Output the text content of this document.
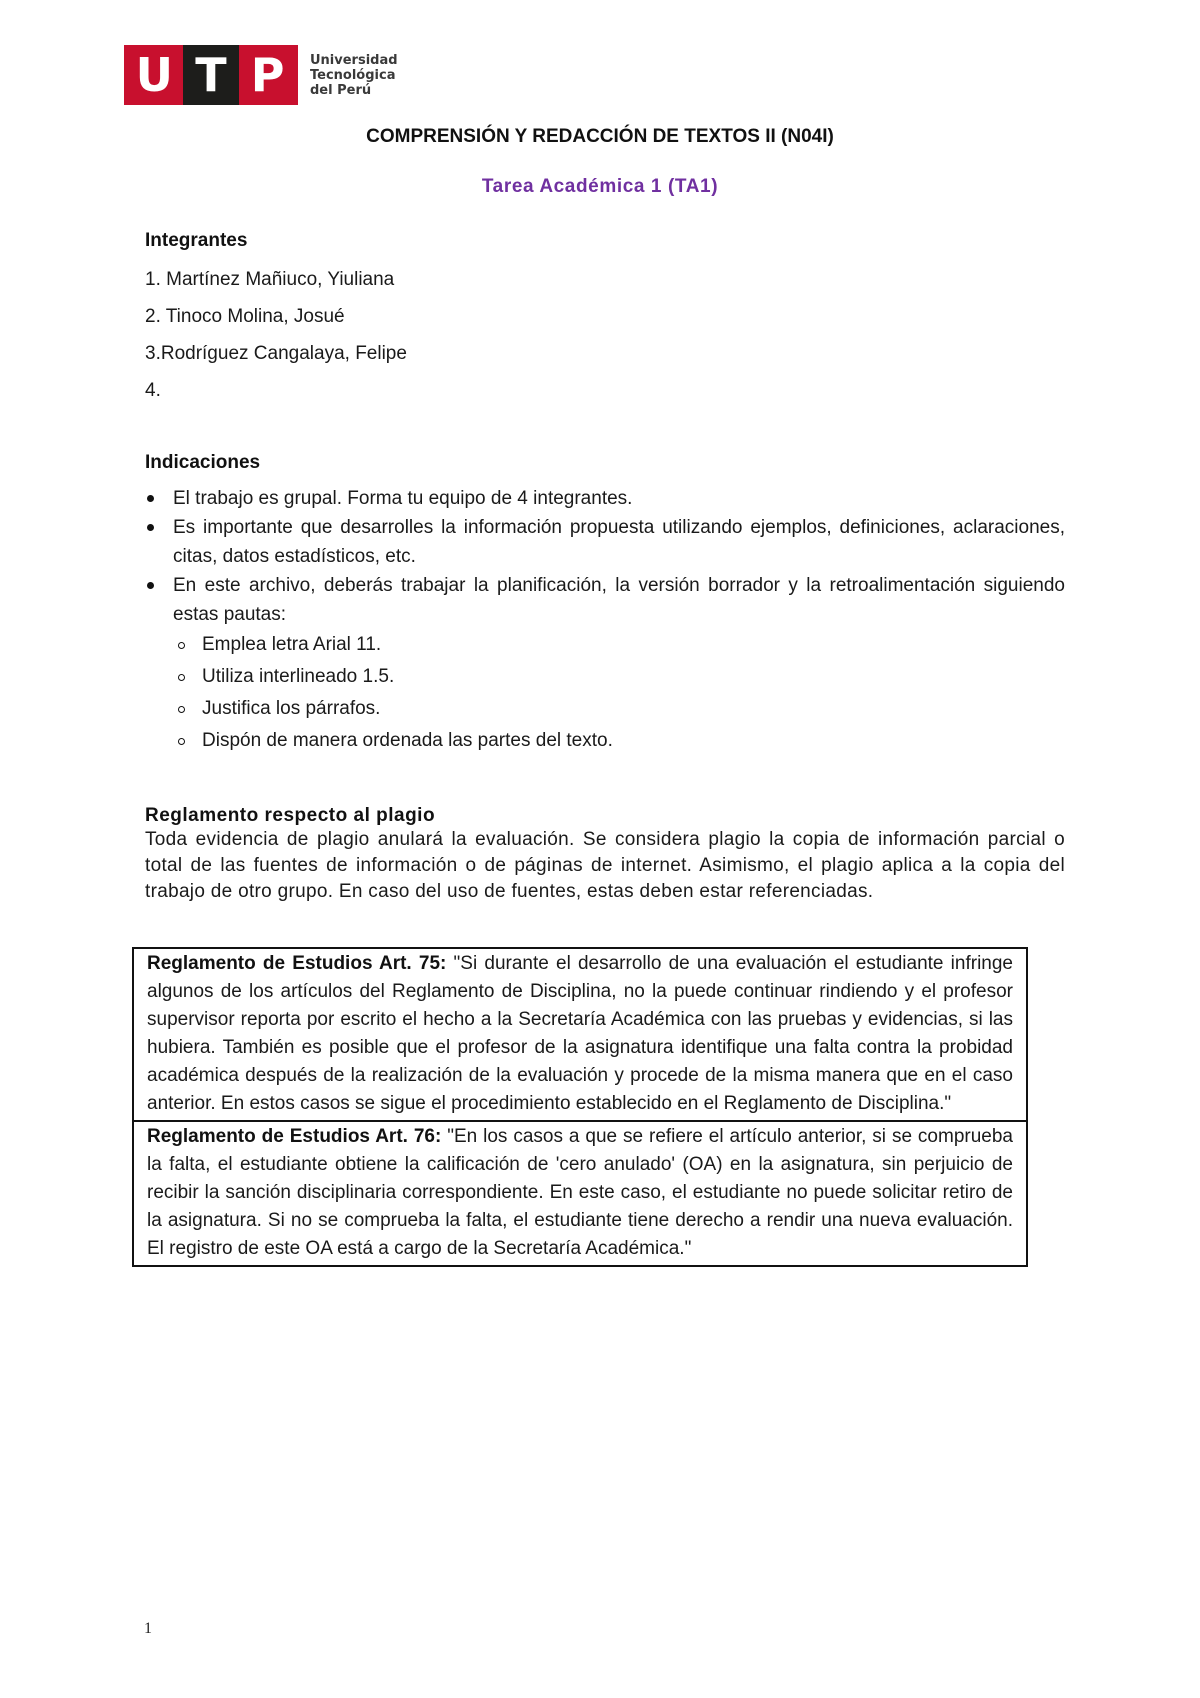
U T P	Universidad
Tecnológica
del Perú
COMPRENSIÓN Y REDACCIÓN DE TEXTOS II (N04I)
Tarea Académica 1 (TA1)
Integrantes
1. Martínez Mañiuco, Yiuliana
2. Tinoco Molina, Josué
3.Rodríguez Cangalaya, Felipe
4.
Indicaciones
El trabajo es grupal. Forma tu equipo de 4 integrantes.
Es importante que desarrolles la información propuesta utilizando ejemplos, definiciones, aclaraciones, citas, datos estadísticos, etc.
En este archivo, deberás trabajar la planificación, la versión borrador y la retroalimentación siguiendo estas pautas:
Emplea letra Arial 11.
Utiliza interlineado 1.5.
Justifica los párrafos.
Dispón de manera ordenada las partes del texto.
Reglamento respecto al plagio
Toda evidencia de plagio anulará la evaluación. Se considera plagio la copia de información parcial o total de las fuentes de información o de páginas de internet. Asimismo, el plagio aplica a la copia del trabajo de otro grupo. En caso del uso de fuentes, estas deben estar referenciadas.
Reglamento de Estudios Art. 75: "Si durante el desarrollo de una evaluación el estudiante infringe algunos de los artículos del Reglamento de Disciplina, no la puede continuar rindiendo y el profesor supervisor reporta por escrito el hecho a la Secretaría Académica con las pruebas y evidencias, si las hubiera. También es posible que el profesor de la asignatura identifique una falta contra la probidad académica después de la realización de la evaluación y procede de la misma manera que en el caso anterior. En estos casos se sigue el procedimiento establecido en el Reglamento de Disciplina."
Reglamento de Estudios Art. 76: "En los casos a que se refiere el artículo anterior, si se comprueba la falta, el estudiante obtiene la calificación de 'cero anulado' (OA) en la asignatura, sin perjuicio de recibir la sanción disciplinaria correspondiente. En este caso, el estudiante no puede solicitar retiro de la asignatura. Si no se comprueba la falta, el estudiante tiene derecho a rendir una nueva evaluación. El registro de este OA está a cargo de la Secretaría Académica."
1
